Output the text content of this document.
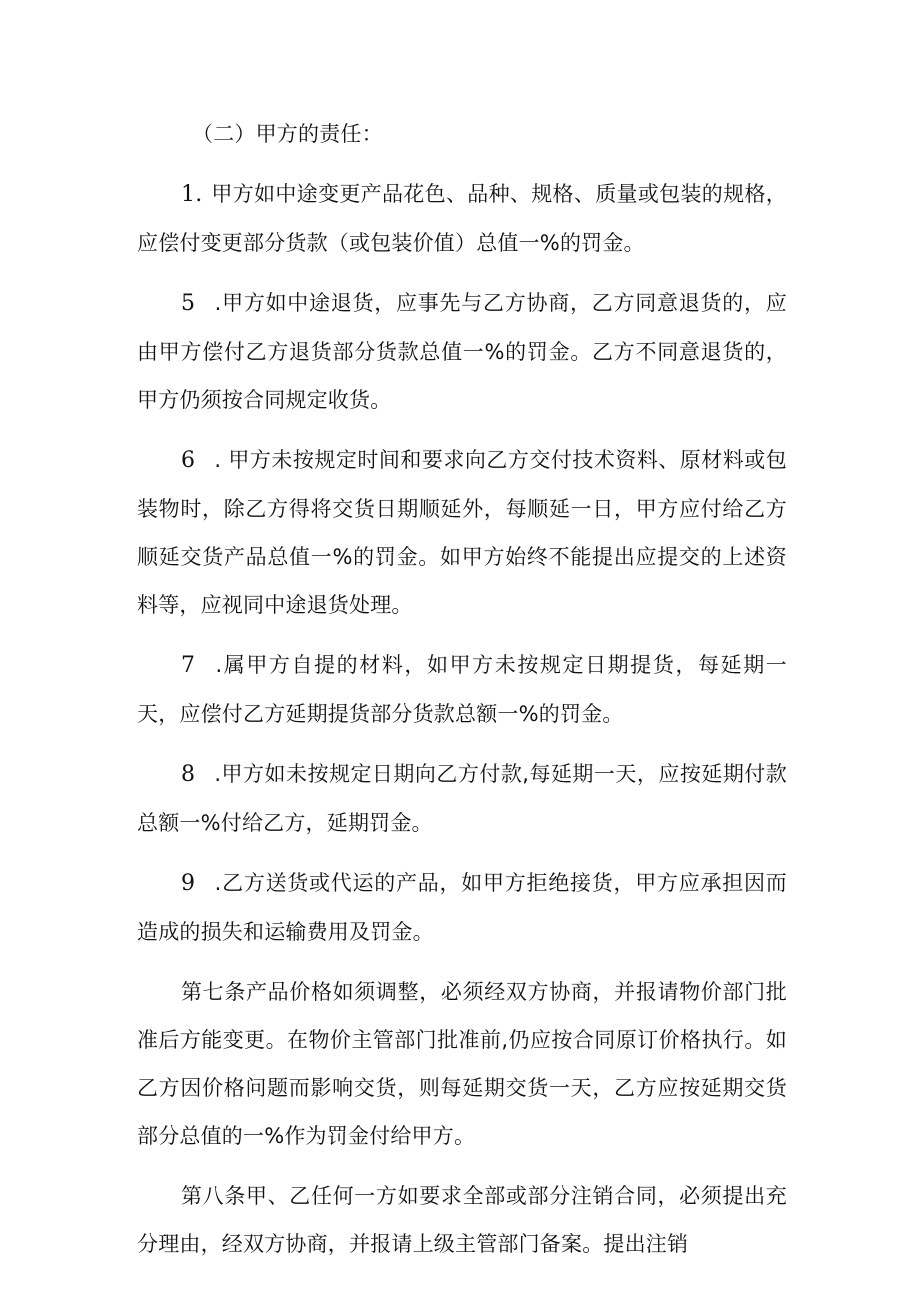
（二）甲方的责任：

1. 甲方如中途变更产品花色、品种、规格、质量或包装的规格，应偿付变更部分货款（或包装价值）总值一%的罚金。

5 .甲方如中途退货，应事先与乙方协商，乙方同意退货的，应由甲方偿付乙方退货部分货款总值一%的罚金。乙方不同意退货的，甲方仍须按合同规定收货。

6 . 甲方未按规定时间和要求向乙方交付技术资料、原材料或包装物时，除乙方得将交货日期顺延外，每顺延一日，甲方应付给乙方顺延交货产品总值一%的罚金。如甲方始终不能提出应提交的上述资料等，应视同中途退货处理。

7 .属甲方自提的材料，如甲方未按规定日期提货，每延期一天，应偿付乙方延期提货部分货款总额一%的罚金。

8 .甲方如未按规定日期向乙方付款,每延期一天，应按延期付款总额一%付给乙方，延期罚金。

9 .乙方送货或代运的产品，如甲方拒绝接货，甲方应承担因而造成的损失和运输费用及罚金。

第七条产品价格如须调整，必须经双方协商，并报请物价部门批准后方能变更。在物价主管部门批准前,仍应按合同原订价格执行。如乙方因价格问题而影响交货，则每延期交货一天，乙方应按延期交货部分总值的一%作为罚金付给甲方。

第八条甲、乙任何一方如要求全部或部分注销合同，必须提出充分理由，经双方协商，并报请上级主管部门备案。提出注销
